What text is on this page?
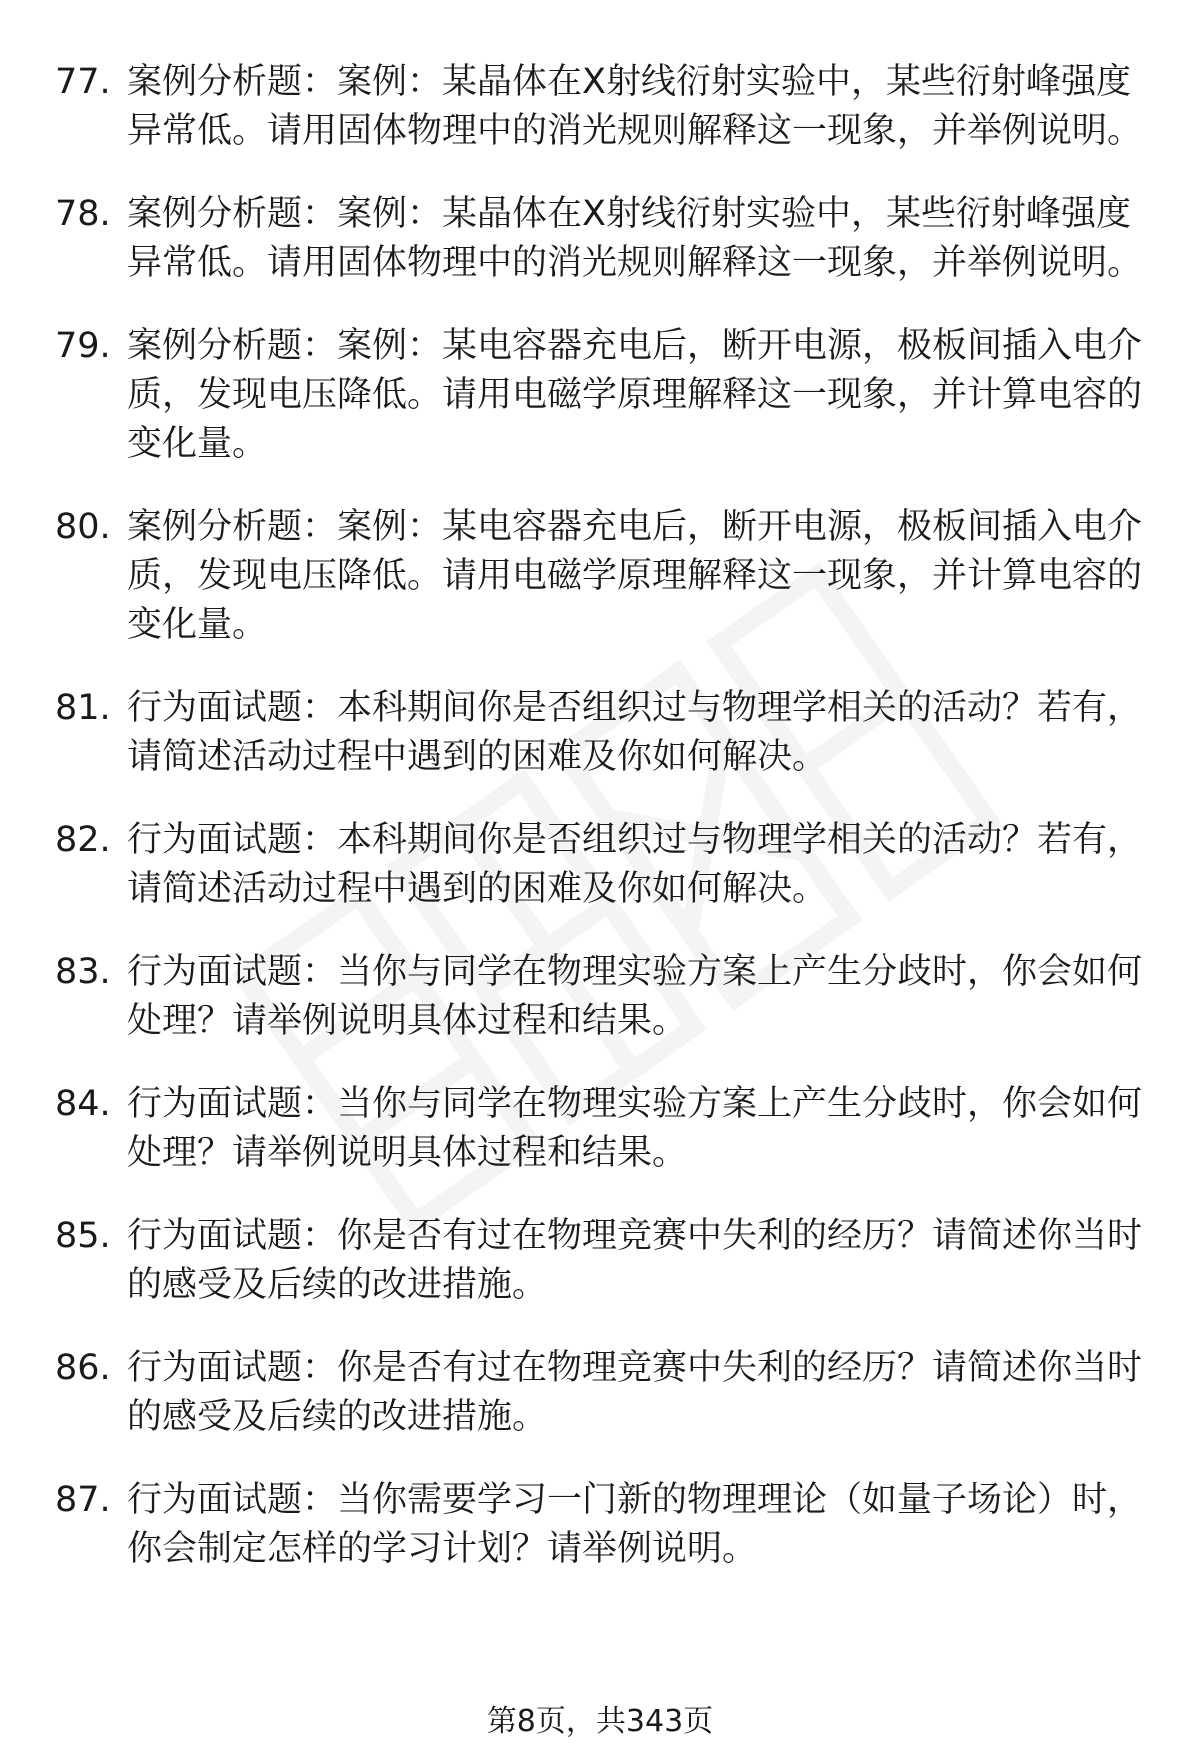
77. 案例分析题：案例：某晶体在X射线衍射实验中，某些衍射峰强度异常低。请用固体物理中的消光规则解释这一现象，并举例说明。
78. 案例分析题：案例：某晶体在X射线衍射实验中，某些衍射峰强度异常低。请用固体物理中的消光规则解释这一现象，并举例说明。
79. 案例分析题：案例：某电容器充电后，断开电源，极板间插入电介质，发现电压降低。请用电磁学原理解释这一现象，并计算电容的变化量。
80. 案例分析题：案例：某电容器充电后，断开电源，极板间插入电介质，发现电压降低。请用电磁学原理解释这一现象，并计算电容的变化量。
81. 行为面试题：本科期间你是否组织过与物理学相关的活动？若有，请简述活动过程中遇到的困难及你如何解决。
82. 行为面试题：本科期间你是否组织过与物理学相关的活动？若有，请简述活动过程中遇到的困难及你如何解决。
83. 行为面试题：当你与同学在物理实验方案上产生分歧时，你会如何处理？请举例说明具体过程和结果。
84. 行为面试题：当你与同学在物理实验方案上产生分歧时，你会如何处理？请举例说明具体过程和结果。
85. 行为面试题：你是否有过在物理竞赛中失利的经历？请简述你当时的感受及后续的改进措施。
86. 行为面试题：你是否有过在物理竞赛中失利的经历？请简述你当时的感受及后续的改进措施。
87. 行为面试题：当你需要学习一门新的物理理论（如量子场论）时，你会制定怎样的学习计划？请举例说明。
第8页，共343页
